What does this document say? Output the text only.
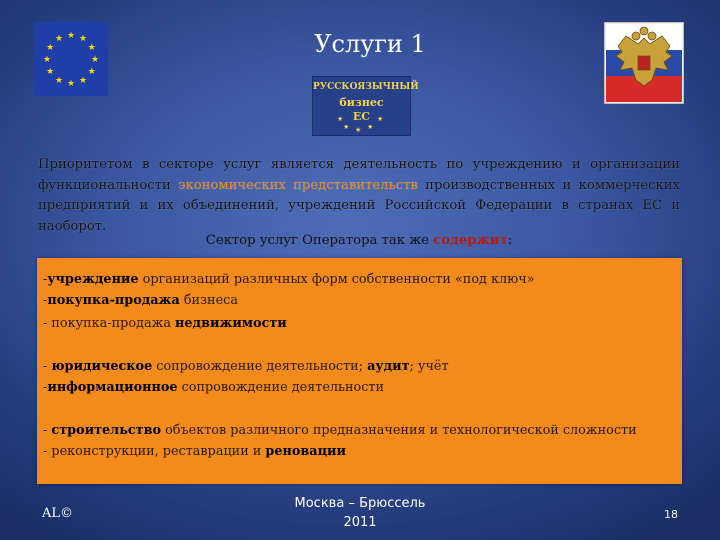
★ ★
★
★
★
★
★
★
★
★
★
★	Услуги 1
РУССКОЯЗЫЧНЫЙ
бизнес
ЕС
★ ★ ★
★	★
Приоритетом в секторе услуг является деятельность по учреждению и организации функциональности экономических представительств производственных и коммерческих предприятий и их объединений, учреждений Российской Федерации в странах ЕС и наоборот.
Сектор услуг Оператора так же содержит:
-учреждение организаций различных форм собственности «под ключ»
-покупка-продажа бизнеса
- покупка-продажа недвижимости
- юридическое сопровождение деятельности; аудит; учёт
-информационное сопровождение деятельности
- строительство объектов различного предназначения и технологической сложности
- реконструкции, реставрации и реновации
AL©
Москва – Брюссель
2011
18
